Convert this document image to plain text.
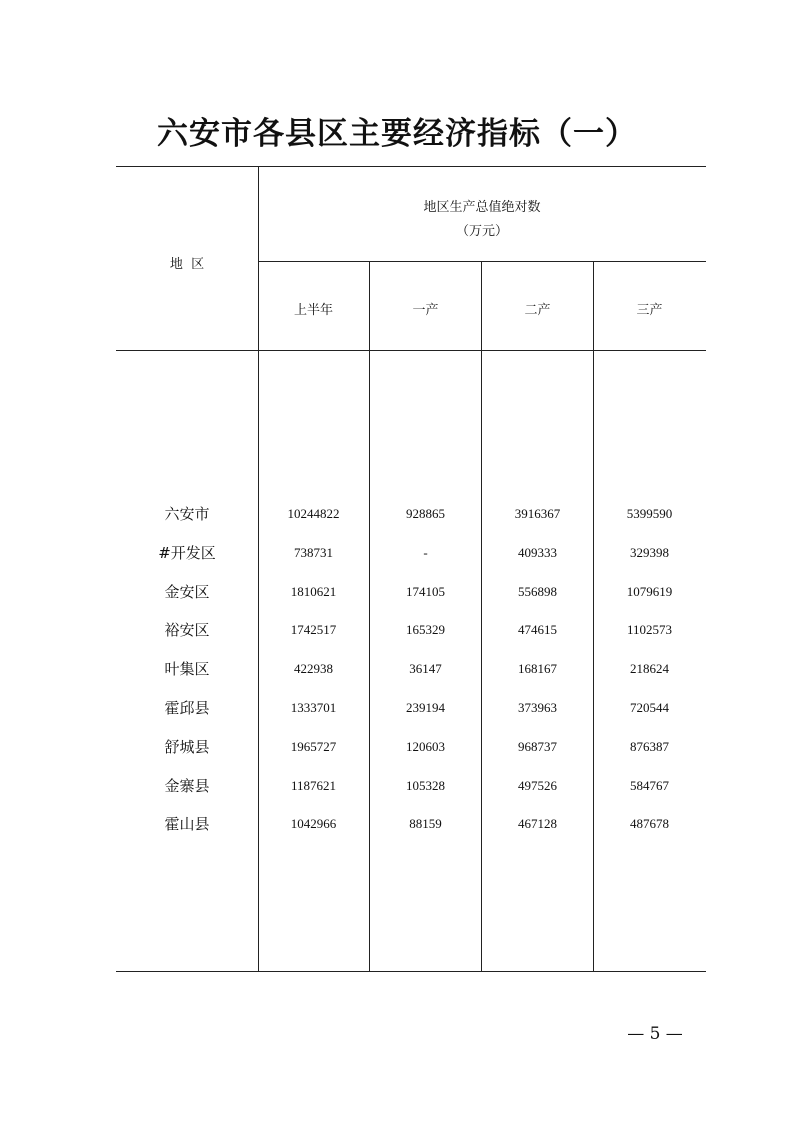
六安市各县区主要经济指标（一）
地  区
地区生产总值绝对数
（万元）
上半年	一产	二产	三产
六安市	10244822	928865	3916367	5399590
#开发区	738731	-	409333	329398
金安区	1810621	174105	556898	1079619
裕安区	1742517	165329	474615	1102573
叶集区	422938	36147	168167	218624
霍邱县	1333701	239194	373963	720544
舒城县	1965727	120603	968737	876387
金寨县	1187621	105328	497526	584767
霍山县	1042966	88159	467128	487678
— 5 —
